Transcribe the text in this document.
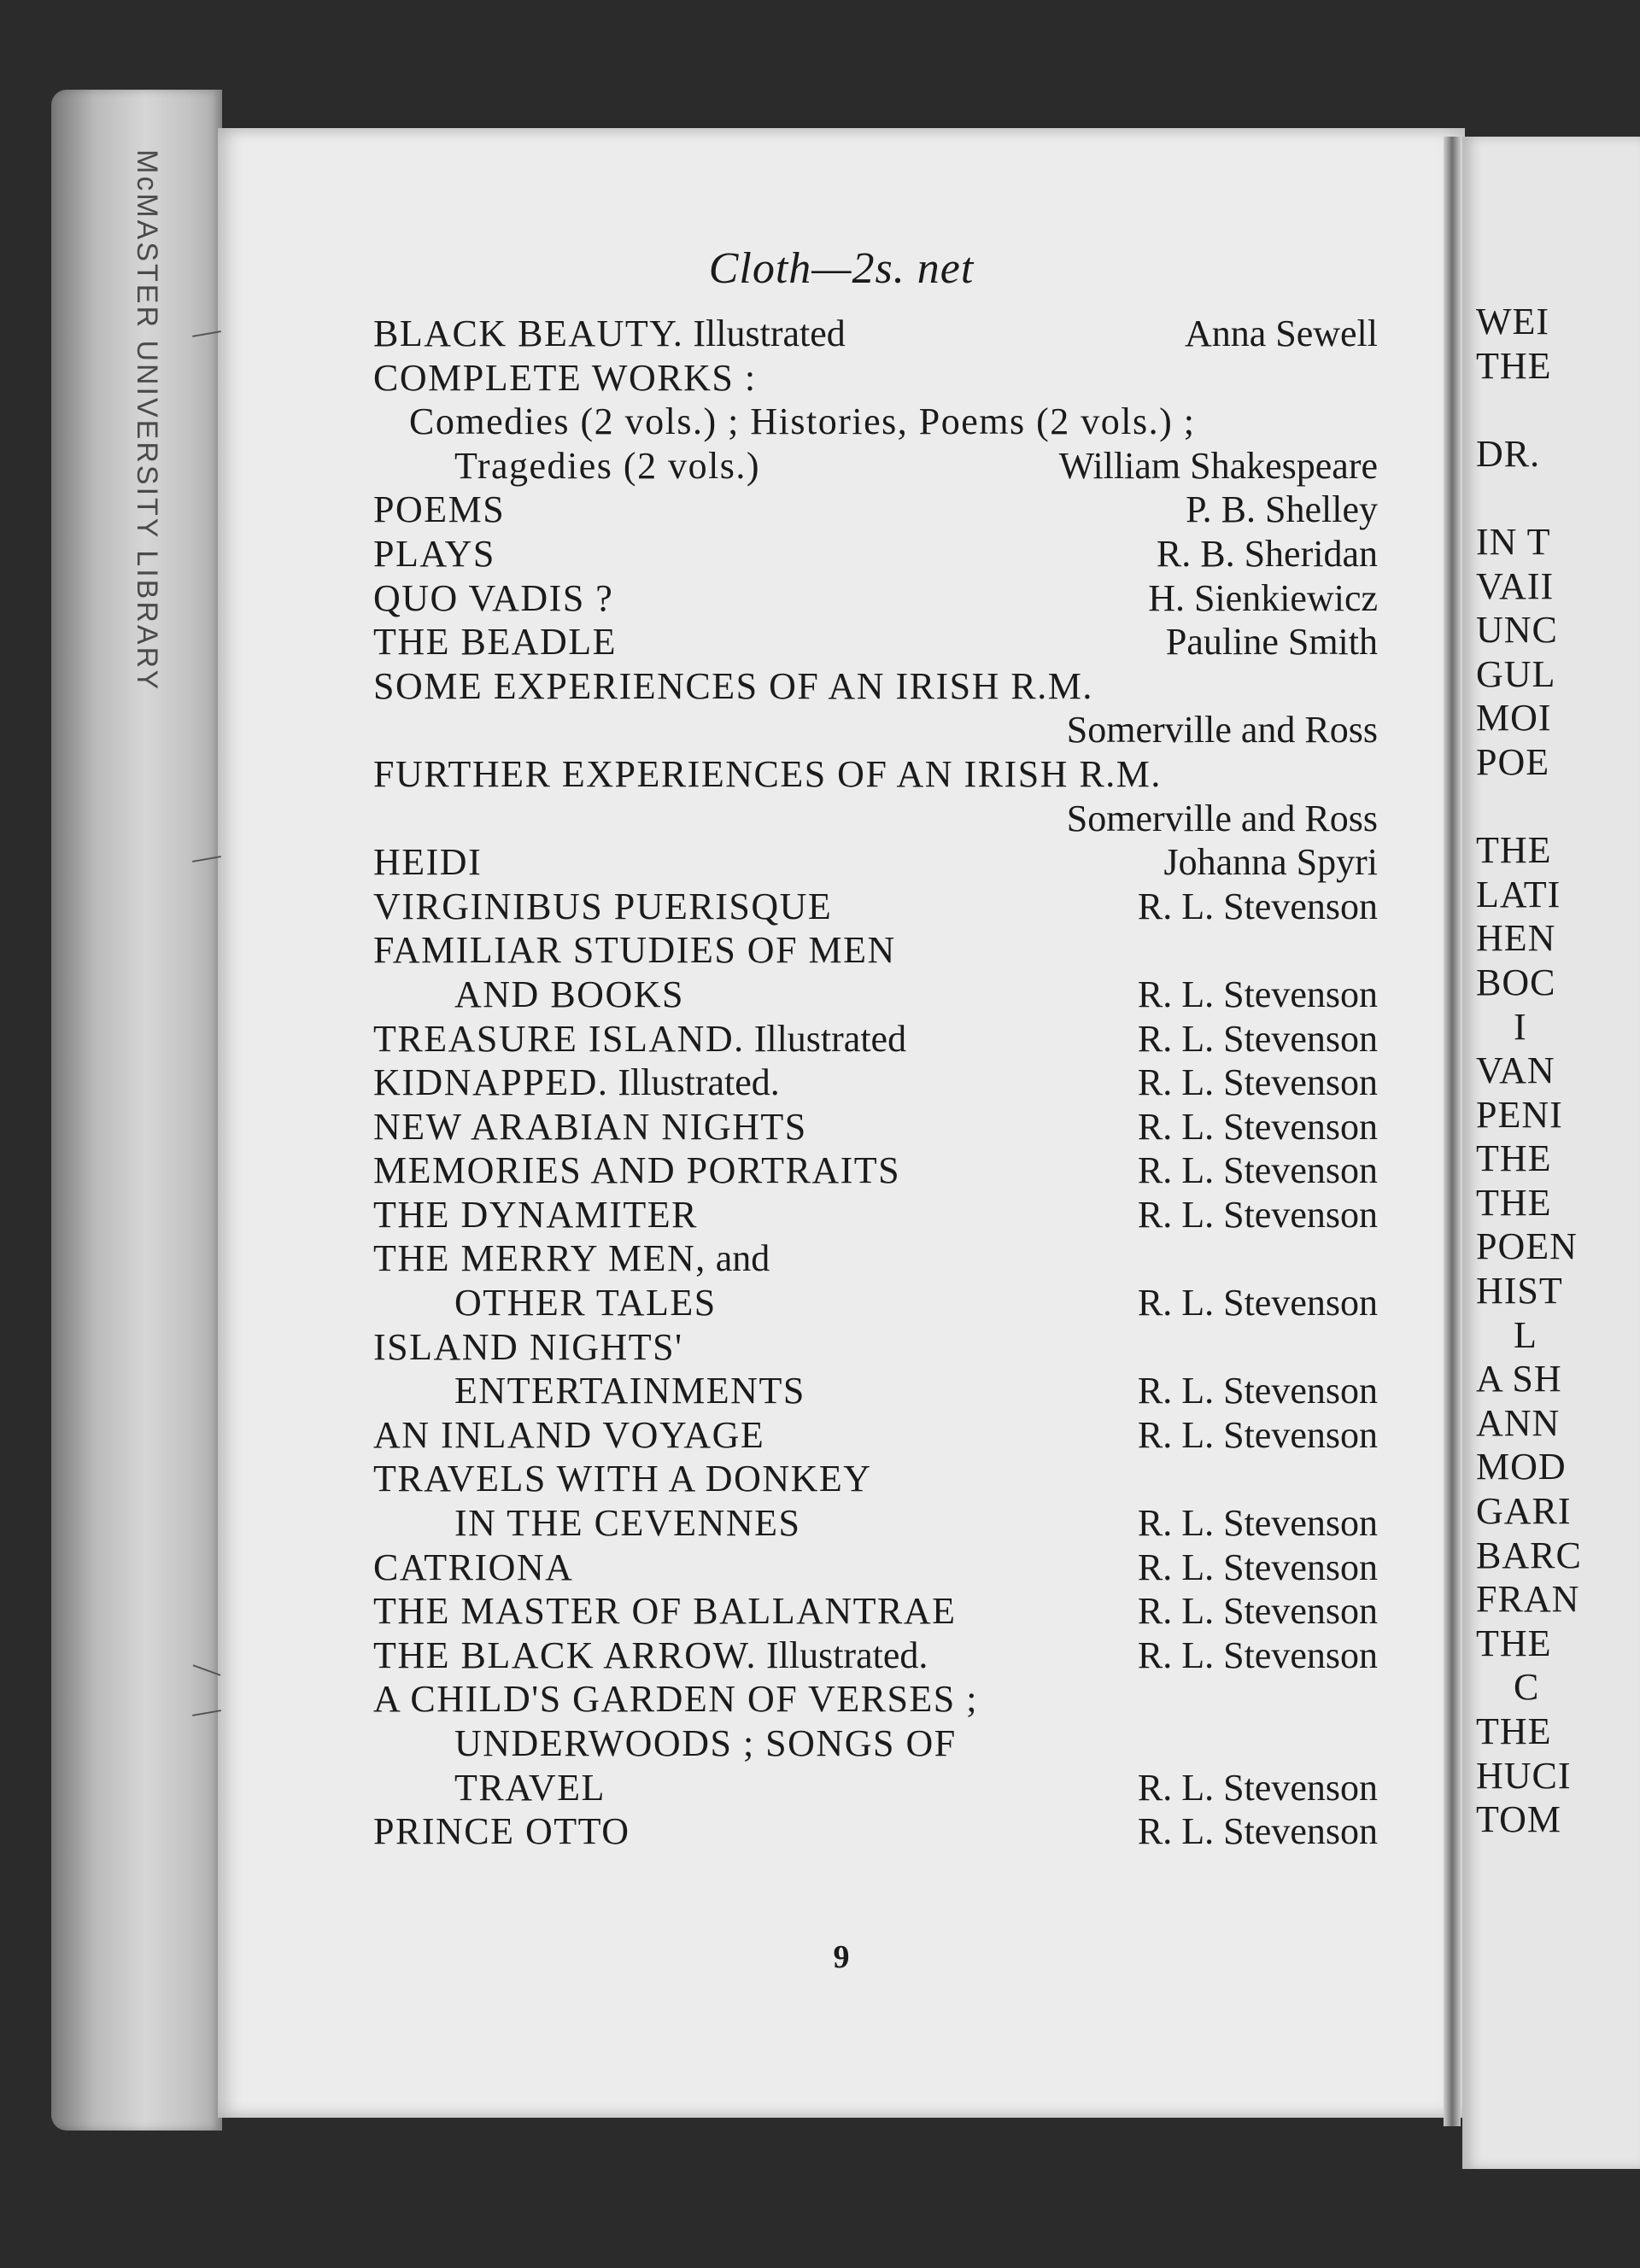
McMASTER UNIVERSITY LIBRARY	Cloth—2s. net
BLACK BEAUTY. Illustrated	Anna Sewell
COMPLETE WORKS :
Comedies (2 vols.) ; Histories, Poems (2 vols.) ;
Tragedies (2 vols.)	William Shakespeare
POEMS	P. B. Shelley
PLAYS	R. B. Sheridan
QUO VADIS ?	H. Sienkiewicz
THE BEADLE	Pauline Smith
SOME EXPERIENCES OF AN IRISH R.M.
Somerville and Ross
FURTHER EXPERIENCES OF AN IRISH R.M.
Somerville and Ross
HEIDI	Johanna Spyri
VIRGINIBUS PUERISQUE	R. L. Stevenson
FAMILIAR STUDIES OF MEN
AND BOOKS	R. L. Stevenson
TREASURE ISLAND. Illustrated	R. L. Stevenson
KIDNAPPED. Illustrated.	R. L. Stevenson
NEW ARABIAN NIGHTS	R. L. Stevenson
MEMORIES AND PORTRAITS	R. L. Stevenson
THE DYNAMITER	R. L. Stevenson
THE MERRY MEN, and
OTHER TALES	R. L. Stevenson
ISLAND NIGHTS'
ENTERTAINMENTS	R. L. Stevenson
AN INLAND VOYAGE	R. L. Stevenson
TRAVELS WITH A DONKEY
IN THE CEVENNES	R. L. Stevenson
CATRIONA	R. L. Stevenson
THE MASTER OF BALLANTRAE	R. L. Stevenson
THE BLACK ARROW. Illustrated.	R. L. Stevenson
A CHILD'S GARDEN OF VERSES ;
UNDERWOODS ; SONGS OF
TRAVEL	R. L. Stevenson
PRINCE OTTO	R. L. Stevenson
9
WEI
THE
DR.
IN T
VAII
UNC
GUL
MOI
POE
THE
LATI
HEN
BOC
I
VAN
PENI
THE
THE
POEN
HIST
L
A SH
ANN
MOD
GARI
BARC
FRAN
THE
C
THE
HUCI
TOM
